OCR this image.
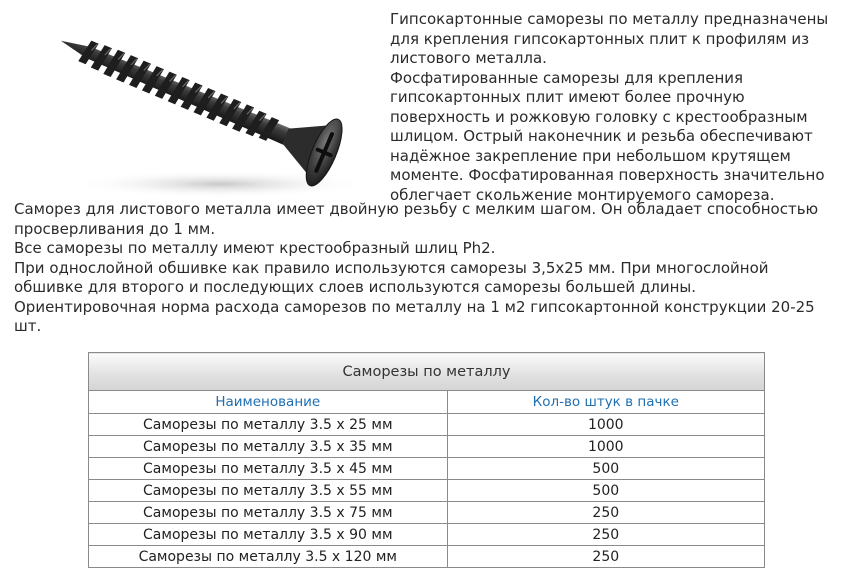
Гипсокартонные саморезы по металлу предназначены
для крепления гипсокартонных плит к профилям из
листового металла.
Фосфатированные саморезы для крепления
гипсокартонных плит имеют более прочную
поверхность и рожковую головку с крестообразным
шлицом. Острый наконечник и резьба обеспечивают
надёжное закрепление при небольшом крутящем
моменте. Фосфатированная поверхность значительно
облегчает скольжение монтируемого самореза.
Саморез для листового металла имеет двойную резьбу с мелким шагом. Он обладает способностью
просверливания до 1 мм.
Все саморезы по металлу имеют крестообразный шлиц Ph2.
При однослойной обшивке как правило используются саморезы 3,5х25 мм. При многослойной
обшивке для второго и последующих слоев используются саморезы большей длины.
Ориентировочная норма расхода саморезов по металлу на 1 м2 гипсокартонной конструкции 20-25
шт.
Саморезы по металлу	
Наименование	Кол-во штук в пачке
Саморезы по металлу 3.5 х 25 мм	1000
Саморезы по металлу 3.5 х 35 мм	1000
Саморезы по металлу 3.5 х 45 мм	500
Саморезы по металлу 3.5 х 55 мм	500
Саморезы по металлу 3.5 х 75 мм	250
Саморезы по металлу 3.5 х 90 мм	250
Саморезы по металлу 3.5 х 120 мм	250
